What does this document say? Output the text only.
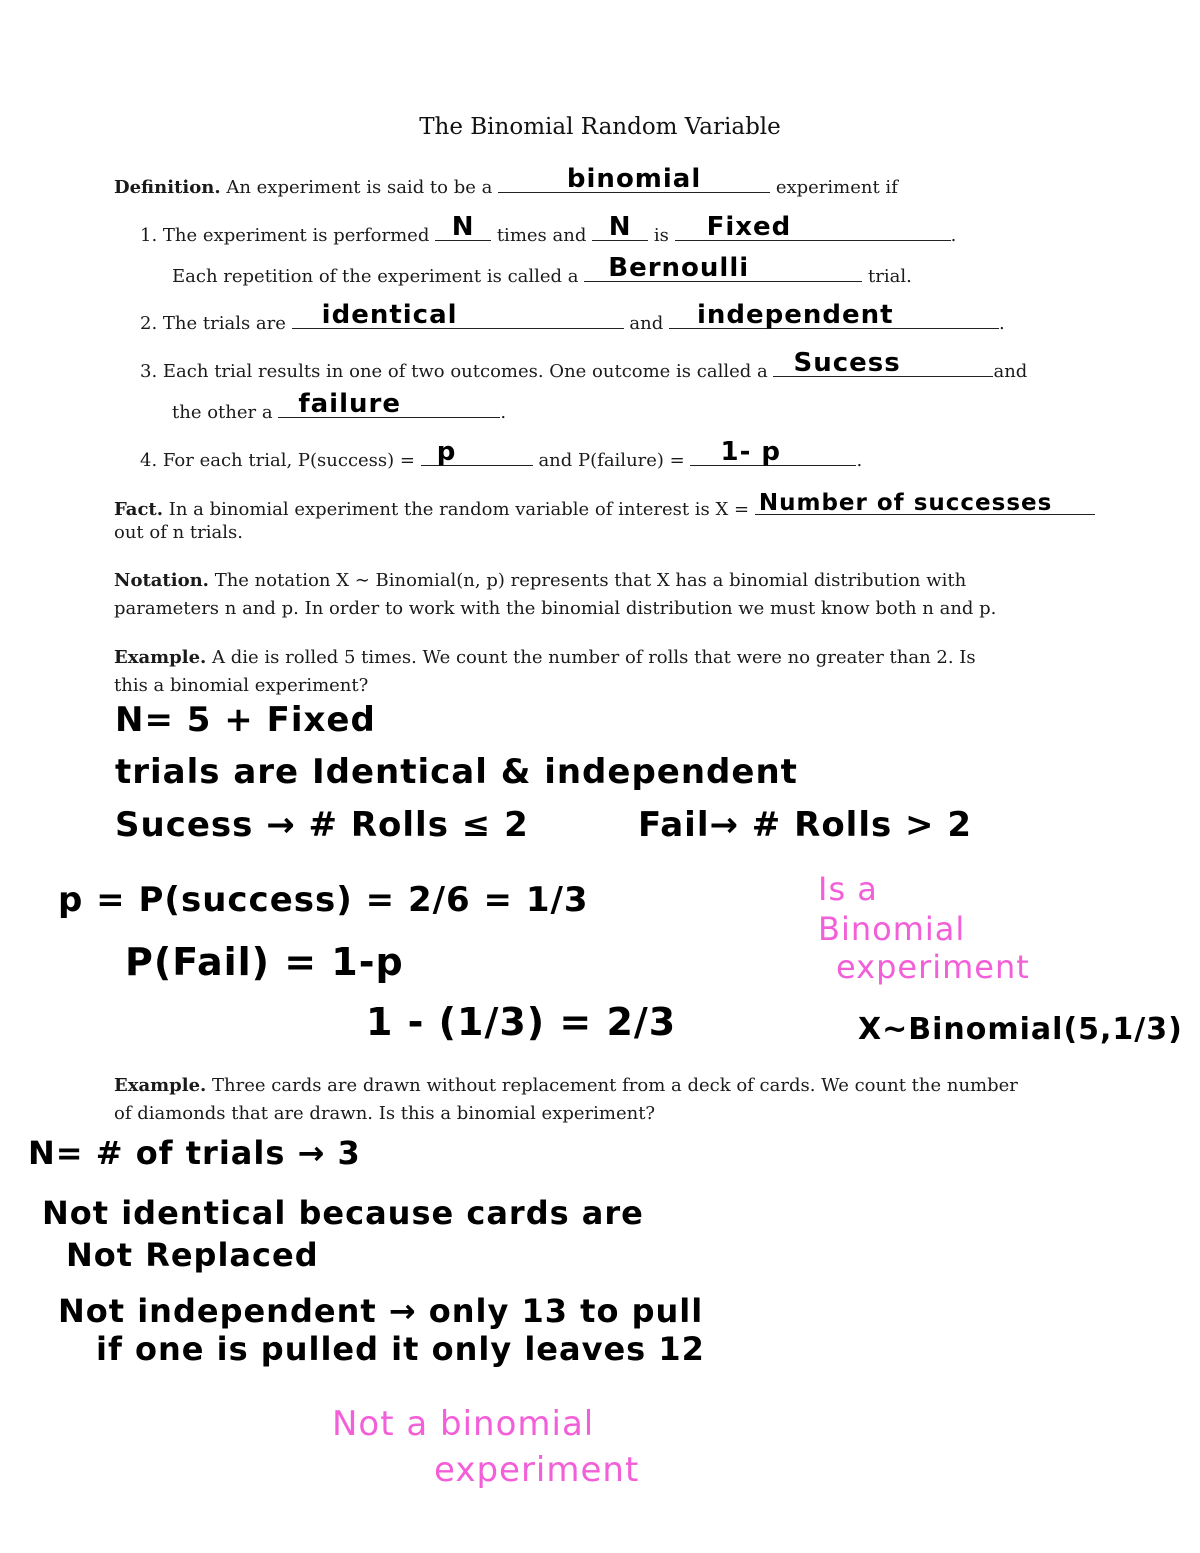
The Binomial Random Variable
Definition. An experiment is said to be a	binomial	experiment if
1. The experiment is performed N	times and N	is	Fixed	.
Each repetition of the experiment is called a	Bernoulli	trial.
2. The trials are	identical	and	independent	.
3. Each trial results in one of two outcomes. One outcome is called a Sucess	and
the other a failure	.
4. For each trial, P(success) = p	and P(failure) =	1- p	.
Fact. In a binomial experiment the random variable of interest is X = Number of successes
out of n trials.
Notation. The notation X ∼ Binomial(n, p) represents that X has a binomial distribution with
parameters n and p. In order to work with the binomial distribution we must know both n and p.
Example. A die is rolled 5 times. We count the number of rolls that were no greater than 2. Is
this a binomial experiment?
N= 5 + Fixed
trials are Identical & independent
Sucess → # Rolls ≤ 2	Fail→ # Rolls > 2
p = P(success) = 2/6 = 1/3
P(Fail) = 1-p
1 - (1/3) = 2/3
Is a
Binomial
experiment
X~Binomial(5,1/3)
Example. Three cards are drawn without replacement from a deck of cards. We count the number
of diamonds that are drawn. Is this a binomial experiment?
N= # of trials → 3
Not identical because cards are
Not Replaced
Not independent → only 13 to pull
if one is pulled it only leaves 12
Not a binomial
experiment
